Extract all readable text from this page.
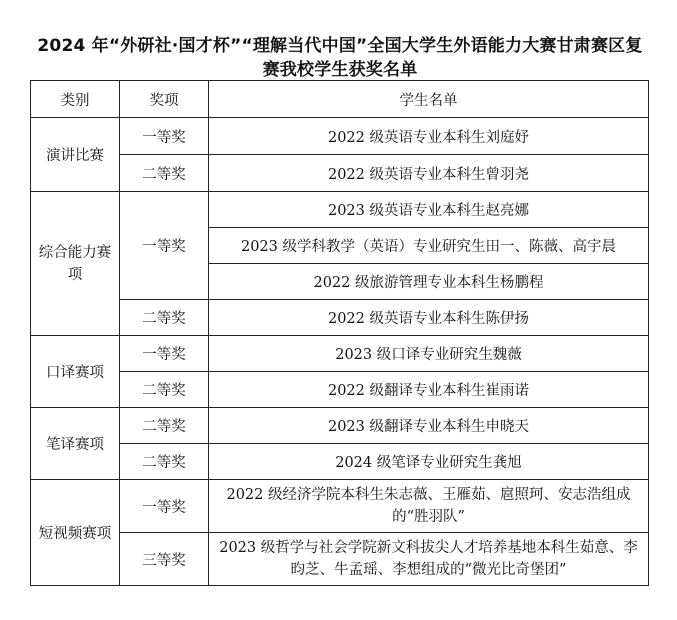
2024 年“外研社·国才杯”“理解当代中国”全国大学生外语能力大赛甘肃赛区复赛我校学生获奖名单
类别	奖项	学生名单
演讲比赛	一等奖	2022 级英语专业本科生刘庭妤
	二等奖	2022 级英语专业本科生曾羽尧
综合能力赛项	一等奖	2023 级英语专业本科生赵亮娜
		2023 级学科教学（英语）专业研究生田一、陈薇、高宇晨
		2022 级旅游管理专业本科生杨鹏程
	二等奖	2022 级英语专业本科生陈伊扬
口译赛项	一等奖	2023 级口译专业研究生魏薇
	二等奖	2022 级翻译专业本科生崔雨诺
笔译赛项	二等奖	2023 级翻译专业本科生申晓天
	二等奖	2024 级笔译专业研究生龚旭
短视频赛项	一等奖	2022 级经济学院本科生朱志薇、王雁茹、扈照珂、安志浩组成的“胜羽队”
	三等奖	2023 级哲学与社会学院新文科拔尖人才培养基地本科生茹意、李昀芝、牛孟瑶、李想组成的“微光比奇堡团”
